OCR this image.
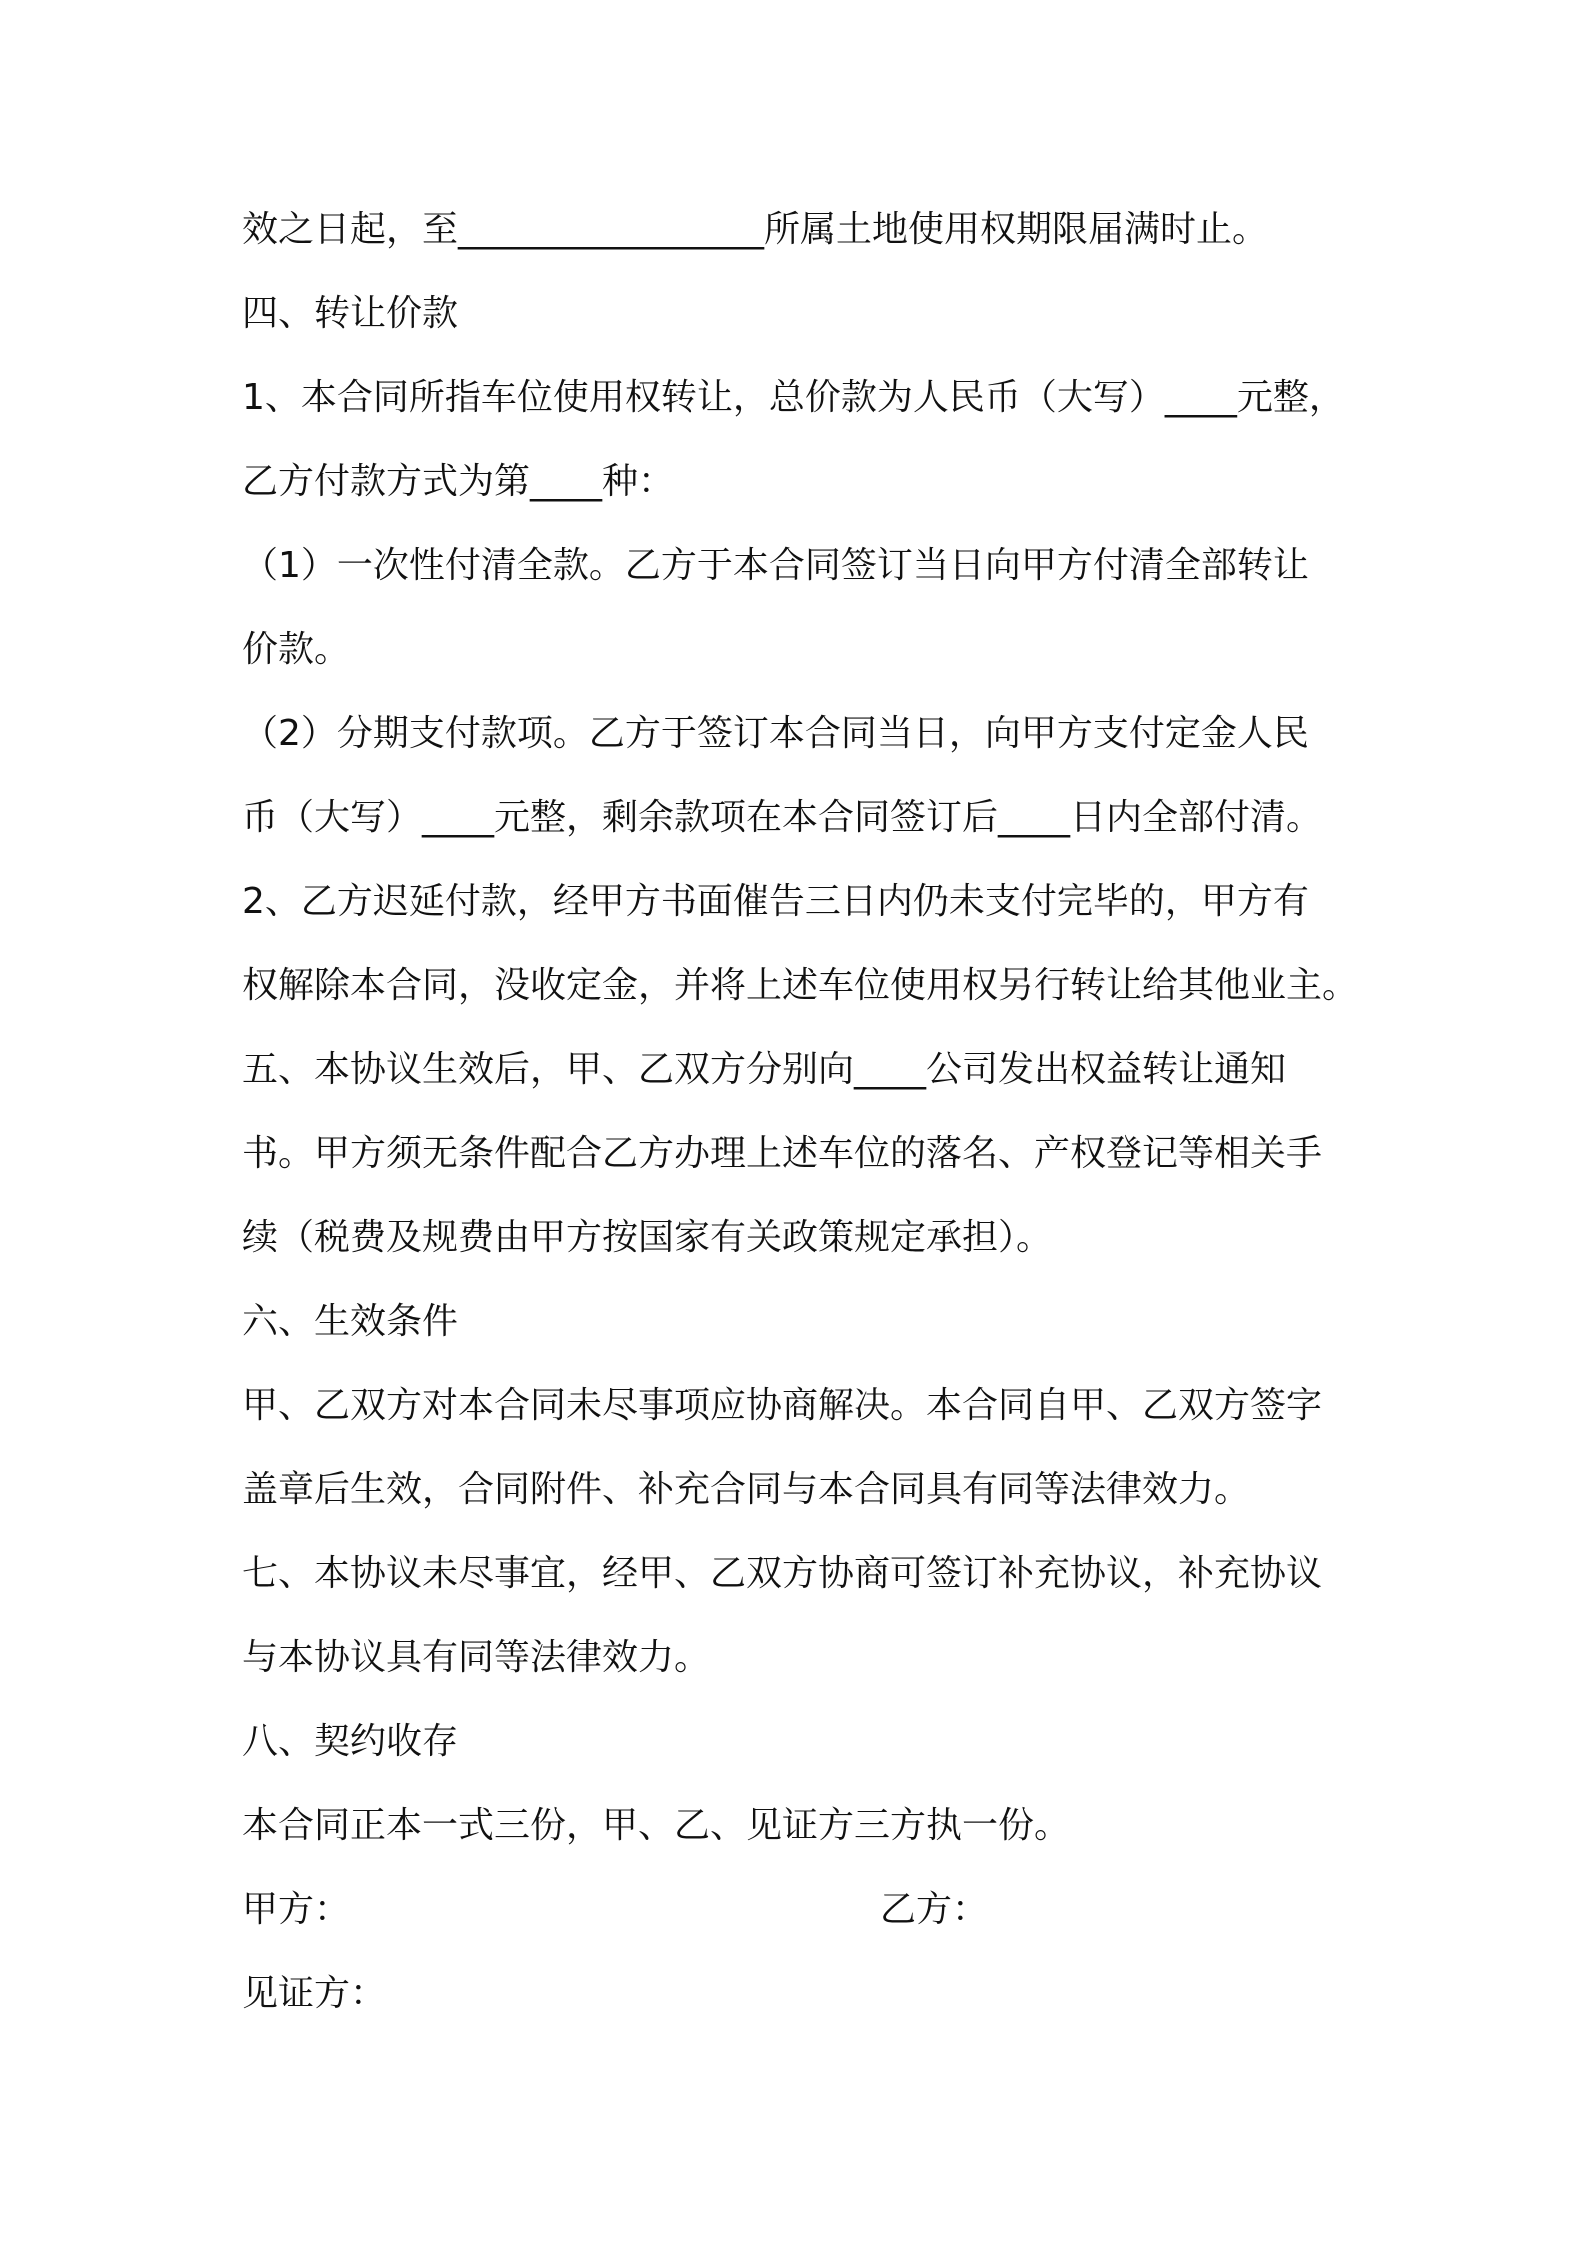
效之日起，至_________________所属土地使用权期限届满时止。
四、转让价款
1、本合同所指车位使用权转让，总价款为人民币（大写）____元整，
乙方付款方式为第____种：
（1）一次性付清全款。乙方于本合同签订当日向甲方付清全部转让
价款。
（2）分期支付款项。乙方于签订本合同当日，向甲方支付定金人民
币（大写）____元整，剩余款项在本合同签订后____日内全部付清。
2、乙方迟延付款，经甲方书面催告三日内仍未支付完毕的，甲方有
权解除本合同，没收定金，并将上述车位使用权另行转让给其他业主。
五、本协议生效后，甲、乙双方分别向____公司发出权益转让通知
书。甲方须无条件配合乙方办理上述车位的落名、产权登记等相关手
续（税费及规费由甲方按国家有关政策规定承担）。
六、生效条件
甲、乙双方对本合同未尽事项应协商解决。本合同自甲、乙双方签字
盖章后生效，合同附件、补充合同与本合同具有同等法律效力。
七、本协议未尽事宜，经甲、乙双方协商可签订补充协议，补充协议
与本协议具有同等法律效力。
八、契约收存
本合同正本一式三份，甲、乙、见证方三方执一份。
甲方：	乙方：
见证方：
